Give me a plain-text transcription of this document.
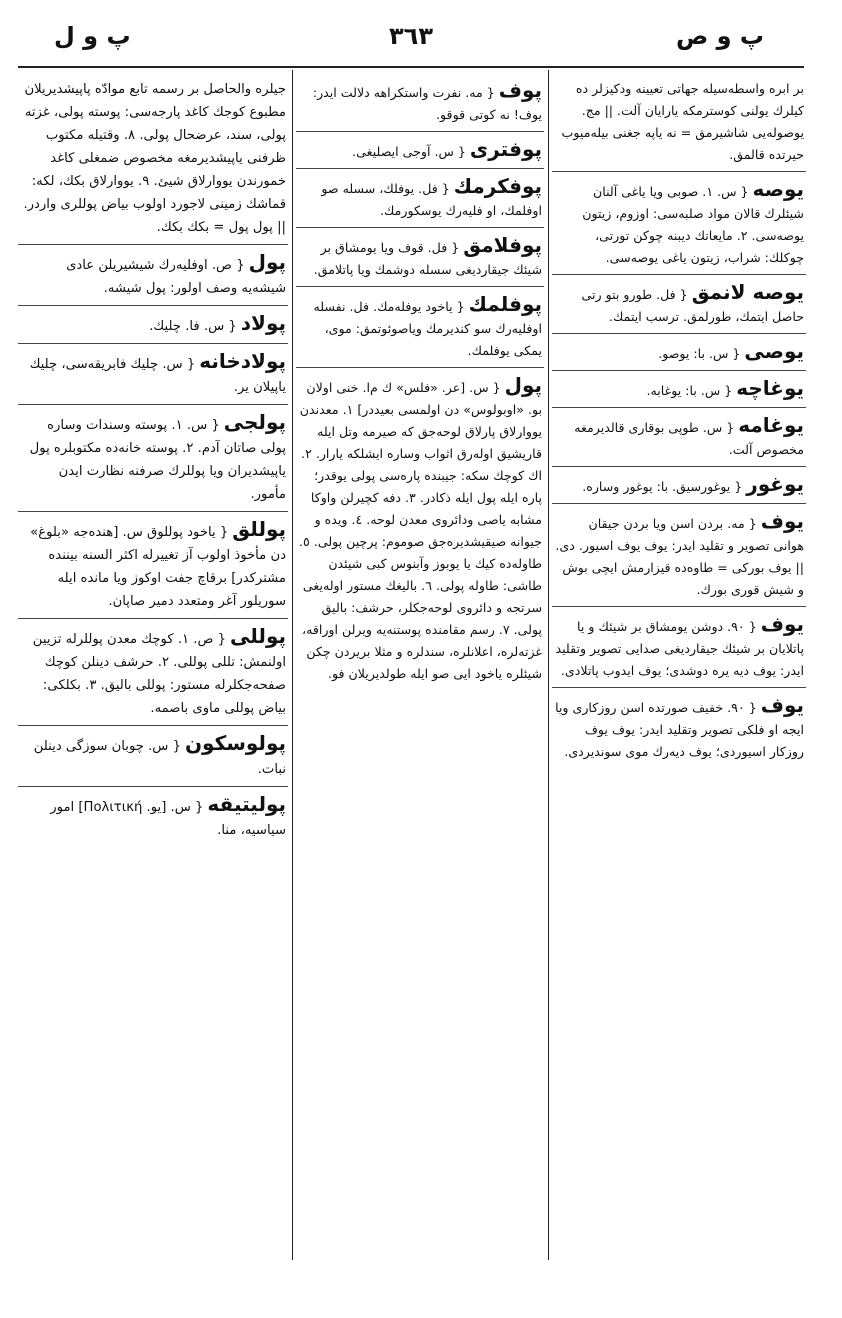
پ و ص
٣٦٣
پ و ل
بر ابره واسطه‌سیله جهاتی تعیینه ودکیزلر ده کیلرك یولنی کوسترمکه یارایان آلت. || مج. یوصوله‌یی شاشیرمق = نه یاپه جغنی بیله‌میوب حیرتده قالمق.
یوصه{ س. ۱. صوبی ویا یاغی آلنان شیئلرك قالان مواد صلبه‌سی: اوزوم، زیتون یوصه‌سی. ۲. مایعاتك دیبنه چوکن تورتی، چوکلك: شراب، زیتون یاغی یوصه‌سی.
یوصه لانمق{ فل. طورو بتو رتی حاصل ایتمك، طورلمق. ترسب ایتمك.
یوصی{ س. با: یوصو.
یوغاچه{ س. با: یوغابه.
یوغامه{ س. طوپی بوقاری قالدیرمغه مخصوص آلت.
یوغور{ یوغورسیق. با: یوغور وساره.
یوف{ مه. بردن اسن ویا بردن جیقان هوانی تصویر و تقلید ایدر: یوف یوف اسیور. دی. || یوف بورکی = طاوه‌ده قیزارمش ایچی بوش و شیش قوری بورك.
یوف{ ۹۰. دوشن یومشاق بر شیئك و یا پاتلایان بر شیئك جیقاردیغی صدایی تصویر وتقلید ایدر: یوف دیه یره دوشدی؛ یوف ایدوب پاتلادی.
یوف{ ۹۰. خفیف صورتده اسن روزکاری ویا ایجه او فلکی تصویر وتقلید ایدر: یوف یوف روزکار اسیوردی؛ یوف دیه‌رك موی سوندیردی.
پوف{ مه. نفرت واستکراهه دلالت ایدر: یوف! نه کوتی قوقو.
پوفتری{ س. آوجی ایصلیغی.
پوفکرمك{ فل. یوفلك، سسله صو اوفلمك، او فلیه‌رك یوسکورمك.
پوفلامق{ فل. قوف ویا یومشاق بر شیئك جیقاردیغی سسله دوشمك ویا پاتلامق.
پوفلمك{ یاخود یوفله‌مك. فل. نفسله اوفلیه‌رك سو کندیرمك ویاصوئوتمق: موی، یمکی یوفلمك.
پول{ س. [عر. «فلس» ك م‌ا. خنی اولان بو. «اوبولوس» دن اولمسی بعیددر] ۱. معدندن یووارلاق پارلاق لوحه‌جق که صیرمه وتل ایله قاریشیق اوله‌رق اثواب وساره ایشلکه یارار. ۲. اك کوچك سکه: جیبنده پاره‌سی پولی یوقدر؛ پاره ایله پول ایله ذکادر. ۳. دفه کچیرلن واوکا مشابه یاصی ودائروی معدن لوحه. ٤. ویده و جیوانه صیقیشدیره‌جق صوموم: پرچین پولی. ٥. طاوله‌ده کیك یا یوبوز وآبنوس کبی شیئدن طاشی: طاوله پولی. ٦. بالیغك مستور اوله‌یغی سرتجه و دائروی لوحه‌جکلر، حرشف: بالیق پولی. ۷. رسم مقامنده پوستنه‌یه ویرلن اوراقه، غزته‌لره، اعلانلره، سندلره و مثلا بریردن چکن شیئلره یاخود ایی صو ایله طولدیریلان فو.
جیلره والحاصل بر رسمه تابع موادّه پاپیشدیریلان مطبوع کوجك کاغد پارجه‌سی: پوسته پولی، غزته پولی، سند، عرضحال پولی. ۸. وقتیله مکتوب ظرفنی یاپیشدیرمغه مخصوص ضمغلی کاغد خمورندن یووارلاق شیئ. ۹. یووارلاق بکك، لکه: قماشك زمینی لاجورد اولوب بیاض پوللری واردر. || پول پول = بکك بکك.
پول{ ص. اوفلیه‌رك شیشیریلن عادی شیشه‌یه وصف اولور: پول شیشه.
پولاد{ س. فا. چلیك.
پولادخانه{ س. چلیك فابریقه‌سی، چلیك یاپیلان یر.
پولجی{ س. ۱. پوسته وسندات وساره پولی صاتان آدم. ۲. پوسته خانه‌ده مکتوبلره پول یاپیشدیران ویا پوللرك صرفنه نظارت ایدن مأمور.
پوللق{ یاخود پوللوق س. [هنده‌جه «بلوغ» دن مأخوذ اولوب آز تغییرله اکثر السنه بیننده مشترکدر] برقاچ جفت اوکوز ویا مانده ایله سوریلور آغر ومتعدد دمیر صاپان.
پوللی{ ص. ۱. کوچك معدن پوللرله تزیین اولنمش: تللی پوللی. ۲. حرشف دینلن کوچك صفحه‌جکلرله مستور: پوللی بالیق. ۳. بکلکی: بیاض پوللی ماوی باصمه.
پولوسکون{ س. چوبان سوزگی دینلن نبات.
پولیتیقه{ س. [یو. Πολιτική] امور سیاسیه، منا.
